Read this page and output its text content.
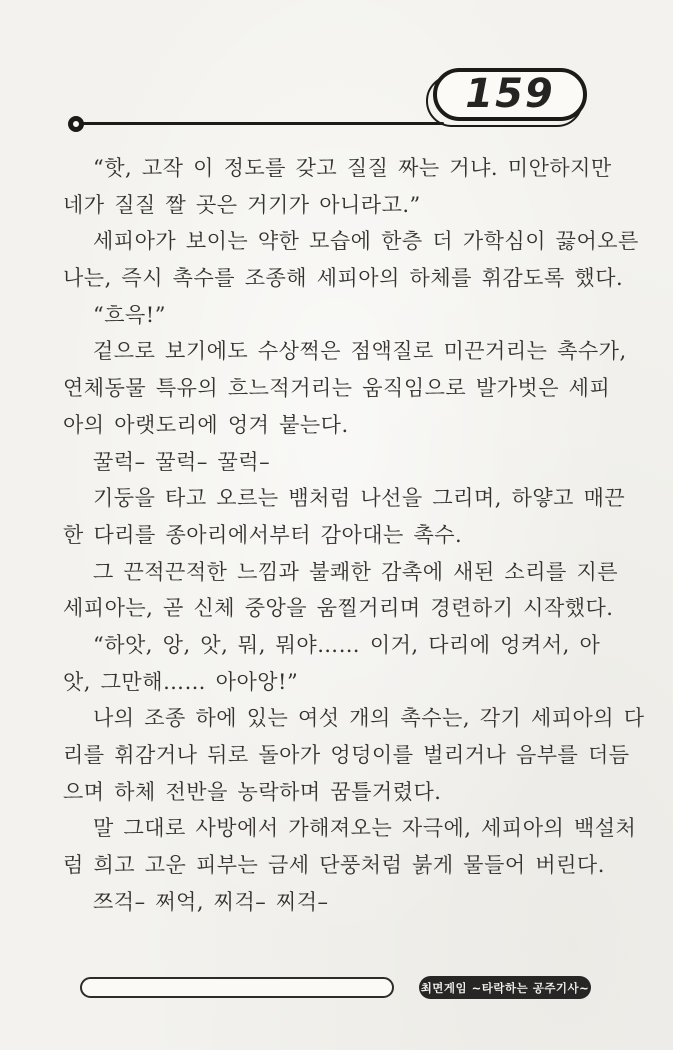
159
“핫, 고작 이 정도를 갖고 질질 짜는 거냐. 미안하지만
네가 질질 짤 곳은 거기가 아니라고.”
세피아가 보이는 약한 모습에 한층 더 가학심이 끓어오른
나는, 즉시 촉수를 조종해 세피아의 하체를 휘감도록 했다.
“흐윽!”
겉으로 보기에도 수상쩍은 점액질로 미끈거리는 촉수가,
연체동물 특유의 흐느적거리는 움직임으로 발가벗은 세피
아의 아랫도리에 엉겨 붙는다.
꿀럭– 꿀럭– 꿀럭–
기둥을 타고 오르는 뱀처럼 나선을 그리며, 하얗고 매끈
한 다리를 종아리에서부터 감아대는 촉수.
그 끈적끈적한 느낌과 불쾌한 감촉에 새된 소리를 지른
세피아는, 곧 신체 중앙을 움찔거리며 경련하기 시작했다.
“하앗, 앙, 앗, 뭐, 뭐야…… 이거, 다리에 엉켜서, 아
앗, 그만해…… 아아앙!”
나의 조종 하에 있는 여섯 개의 촉수는, 각기 세피아의 다
리를 휘감거나 뒤로 돌아가 엉덩이를 벌리거나 음부를 더듬
으며 하체 전반을 농락하며 꿈틀거렸다.
말 그대로 사방에서 가해져오는 자극에, 세피아의 백설처
럼 희고 고운 피부는 금세 단풍처럼 붉게 물들어 버린다.
쯔걱– 쩌억, 찌걱– 찌걱–
최면게임 ~타락하는 공주기사~
